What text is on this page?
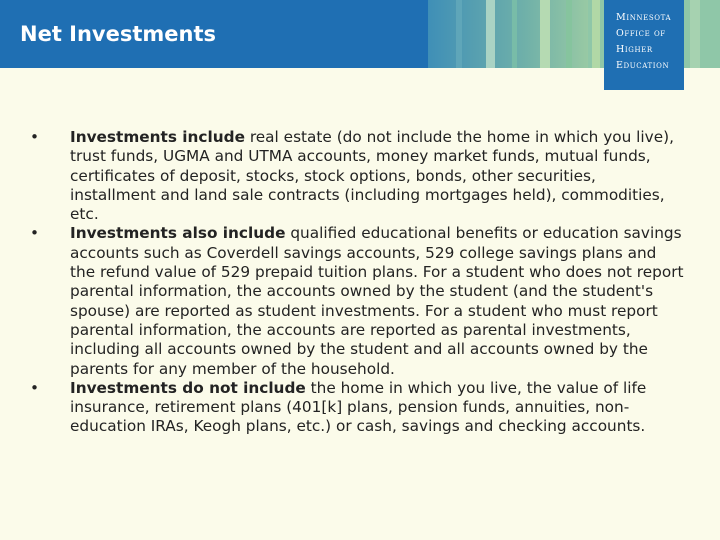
Net Investments
Minnesota
Office of
Higher
Education
• Investments include real estate (do not include the home in which you live), trust funds, UGMA and UTMA accounts, money market funds, mutual funds, certificates of deposit, stocks, stock options, bonds, other securities, installment and land sale contracts (including mortgages held), commodities, etc.
• Investments also include qualified educational benefits or education savings accounts such as Coverdell savings accounts, 529 college savings plans and the refund value of 529 prepaid tuition plans. For a student who does not report parental information, the accounts owned by the student (and the student's spouse) are reported as student investments. For a student who must report parental information, the accounts are reported as parental investments, including all accounts owned by the student and all accounts owned by the parents for any member of the household.
• Investments do not include the home in which you live, the value of life insurance, retirement plans (401[k] plans, pension funds, annuities, non-education IRAs, Keogh plans, etc.) or cash, savings and checking accounts.
